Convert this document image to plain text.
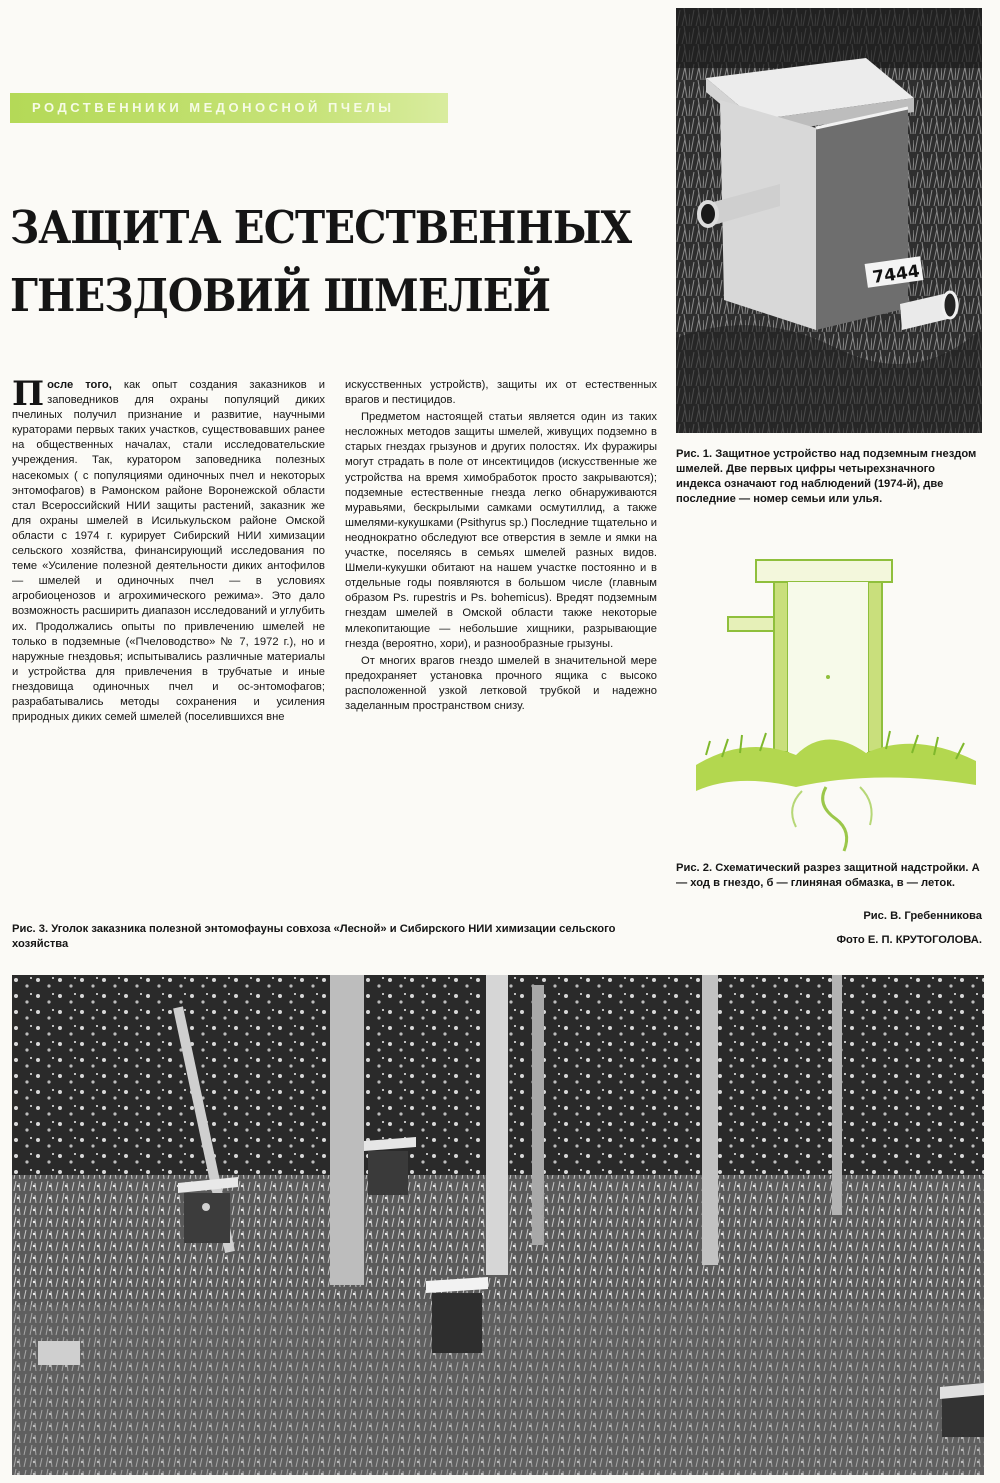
РОДСТВЕННИКИ МЕДОНОСНОЙ ПЧЕЛЫ
ЗАЩИТА ЕСТЕСТВЕННЫХ
ГНЕЗДОВИЙ ШМЕЛЕЙ

После того, как опыт создания заказников и заповедников для охраны популяций диких пчелиных получил признание и развитие, научными кураторами первых таких участков, существовавших ранее на общественных началах, стали исследовательские учреждения. Так, куратором заповедника полезных насекомых ( с популяциями одиночных пчел и некоторых энтомофагов) в Рамонском районе Воронежской области стал Всероссийский НИИ защиты растений, заказник же для охраны шмелей в Исилькульском районе Омской области с 1974 г. курирует Сибирский НИИ химизации сельского хозяйства, финансирующий исследования по теме «Усиление полезной деятельности диких антофилов — шмелей и одиночных пчел — в условиях агробиоценозов и агрохимического режима». Это дало возможность расширить диапазон исследований и углубить их. Продолжались опыты по привлечению шмелей не только в подземные («Пчеловодство» № 7, 1972 г.), но и наружные гнездовья; испытывались различные материалы и устройства для привлечения в трубчатые и иные гнездовища одиночных пчел и ос-энтомофагов; разрабатывались методы сохранения и усиления природных диких семей шмелей (поселившихся вне

искусственных устройств), защиты их от естественных врагов и пестицидов.

Предметом настоящей статьи является один из таких несложных методов защиты шмелей, живущих подземно в старых гнездах грызунов и других полостях. Их фуражиры могут страдать в поле от инсектицидов (искусственные же устройства на время химобработок просто закрываются); подземные естественные гнезда легко обнаруживаются муравьями, бескрылыми самками осмутиллид, а также шмелями-кукушками (Psithyrus sp.) Последние тщательно и неоднократно обследуют все отверстия в земле и ямки на участке, поселяясь в семьях шмелей разных видов. Шмели-кукушки обитают на нашем участке постоянно и в отдельные годы появляются в большом числе (главным образом Ps. rupestris и Ps. bohemicus). Вредят подземным гнездам шмелей в Омской области также некоторые млекопитающие — небольшие хищники, разрывающие гнезда (вероятно, хори), и разнообразные грызуны.

От многих врагов гнездо шмелей в значительной мере предохраняет установка прочного ящика с высоко расположенной узкой летковой трубкой и надежно заделанным пространством снизу.

7444
Рис. 1. Защитное устройство над подземным гнездом шмелей. Две первых цифры четырехзначного индекса означают год наблюдений (1974-й), две последние — номер семьи или улья.
Рис. 2. Схематический разрез защитной надстройки. А — ход в гнездо, б — глиняная обмазка, в — леток.
Рис. В. Гребенникова
Рис. 3. Уголок заказника полезной энтомофауны совхоза «Лесной» и Сибирского НИИ химизации сельского хозяйства	Фото Е. П. КРУТОГОЛОВА.
